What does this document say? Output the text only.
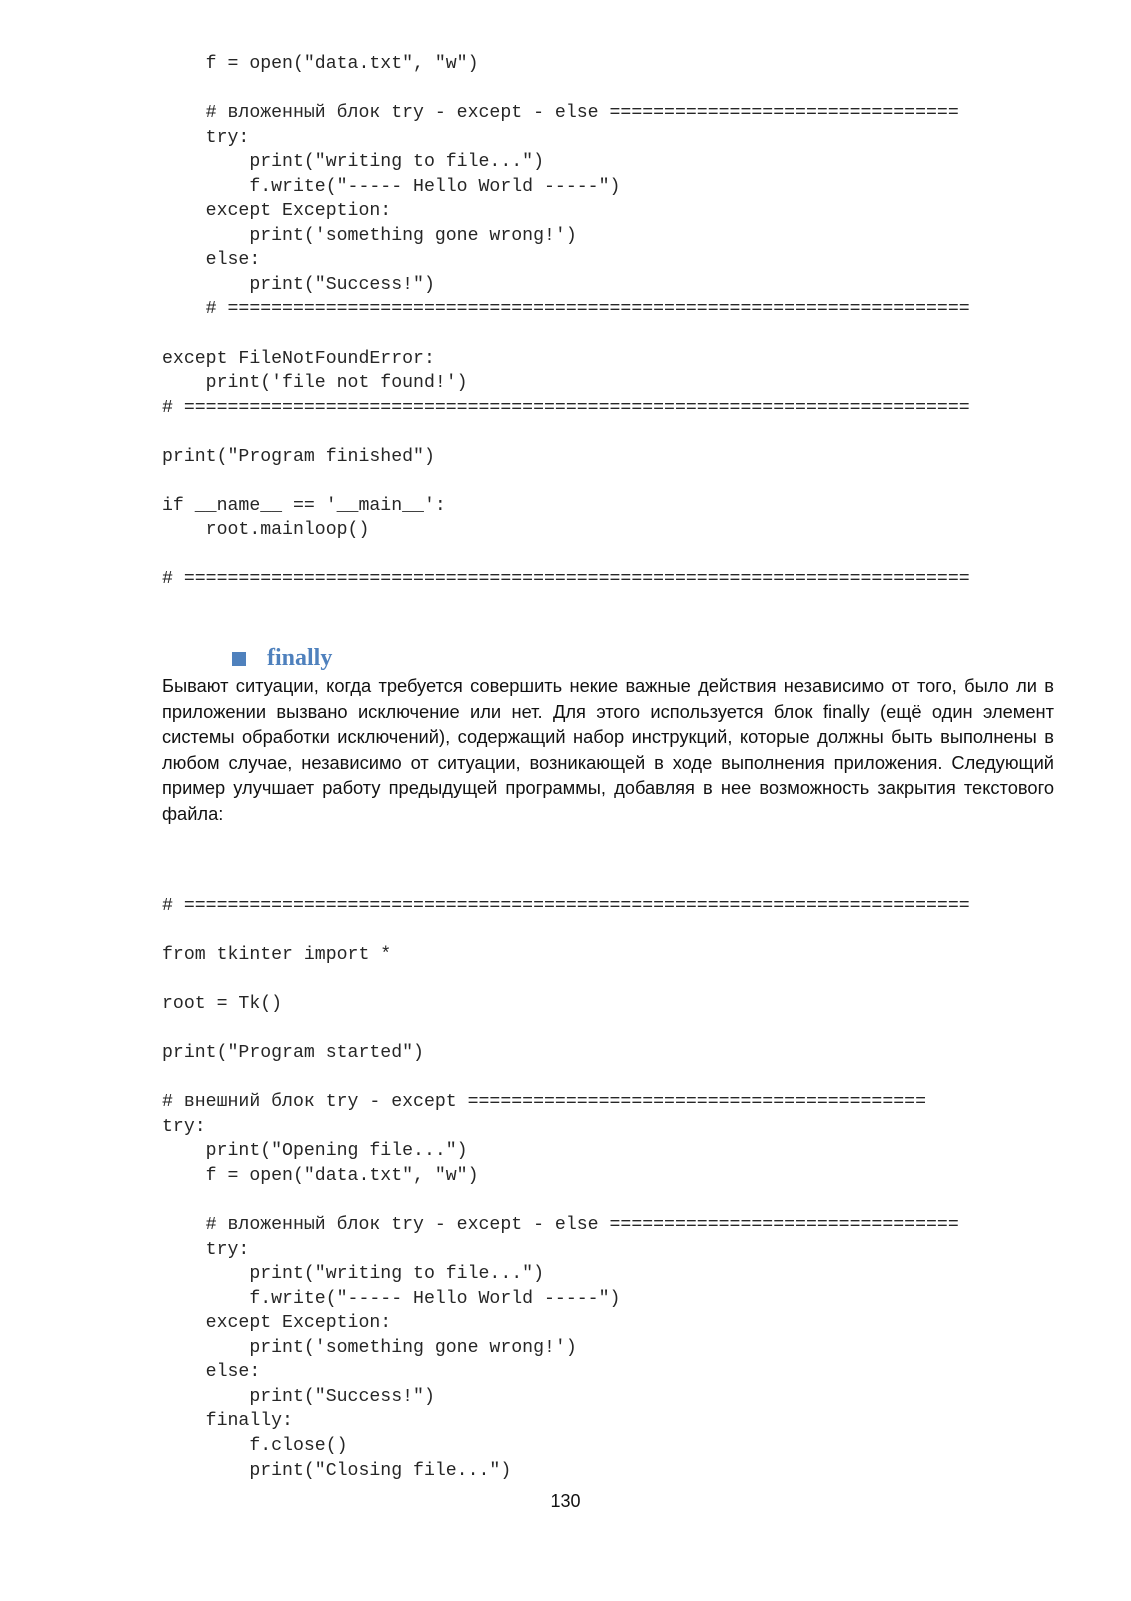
f = open("data.txt", "w")
# вложенный блок try - except - else ================================
try:
print("writing to file...")
f.write("----- Hello World -----")
except Exception:
print('something gone wrong!')
else:
print("Success!")
# ====================================================================
except FileNotFoundError:
print('file not found!')
# ========================================================================
print("Program finished")
if __name__ == '__main__':
root.mainloop()
# ========================================================================
finally
Бывают ситуации, когда требуется совершить некие важные действия независимо от того, было ли в приложении вызвано исключение или нет. Для этого используется блок finally (ещё один элемент системы обработки исключений), содержащий набор инструкций, которые должны быть выполнены в любом случае, независимо от ситуации, возникающей в ходе выполнения приложения. Следующий пример улучшает работу предыдущей программы, добавляя в нее возможность закрытия текстового файла:
# ========================================================================
from tkinter import *
root = Tk()
print("Program started")
# внешний блок try - except ==========================================
try:
print("Opening file...")
f = open("data.txt", "w")
# вложенный блок try - except - else ================================
try:
print("writing to file...")
f.write("----- Hello World -----")
except Exception:
print('something gone wrong!')
else:
print("Success!")
finally:
f.close()
print("Closing file...")
130
